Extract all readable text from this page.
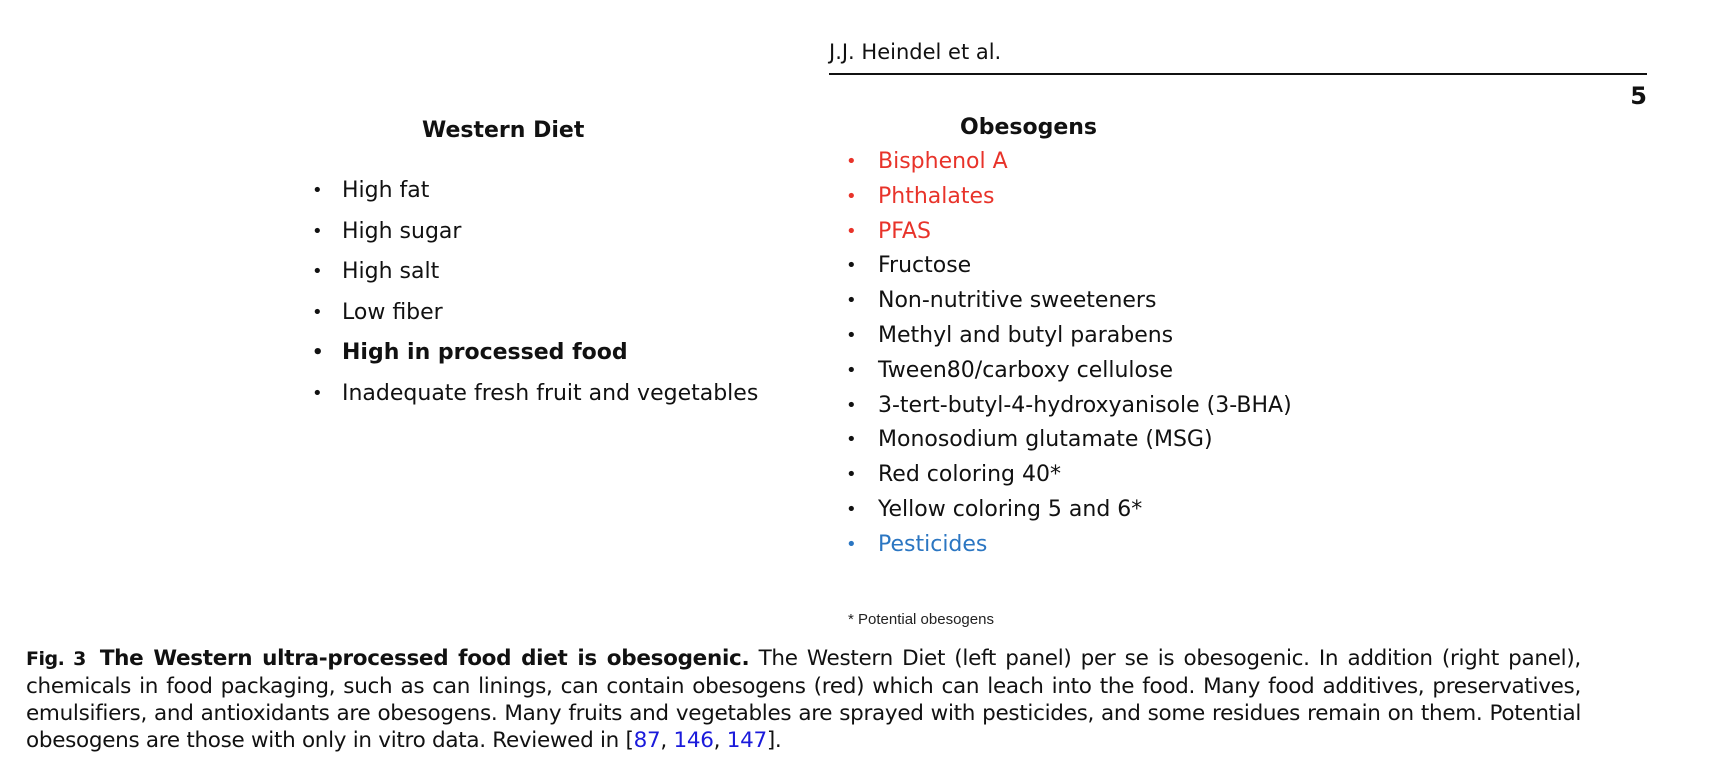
J.J. Heindel et al.
5
Western Diet
• High fat
• High sugar
• High salt
• Low fiber
• High in processed food
• Inadequate fresh fruit and vegetables
Obesogens
• Bisphenol A
• Phthalates
• PFAS
• Fructose
• Non-nutritive sweeteners
• Methyl and butyl parabens
• Tween80/carboxy cellulose
• 3-tert-butyl-4-hydroxyanisole (3-BHA)
• Monosodium glutamate (MSG)
• Red coloring 40*
• Yellow coloring 5 and 6*
• Pesticides
* Potential obesogens
Fig. 3 The Western ultra-processed food diet is obesogenic. The Western Diet (left panel) per se is obesogenic. In addition (right panel), chemicals in food packaging, such as can linings, can contain obesogens (red) which can leach into the food. Many food additives, preservatives, emulsifiers, and antioxidants are obesogens. Many fruits and vegetables are sprayed with pesticides, and some residues remain on them. Potential obesogens are those with only in vitro data. Reviewed in [87, 146, 147].
